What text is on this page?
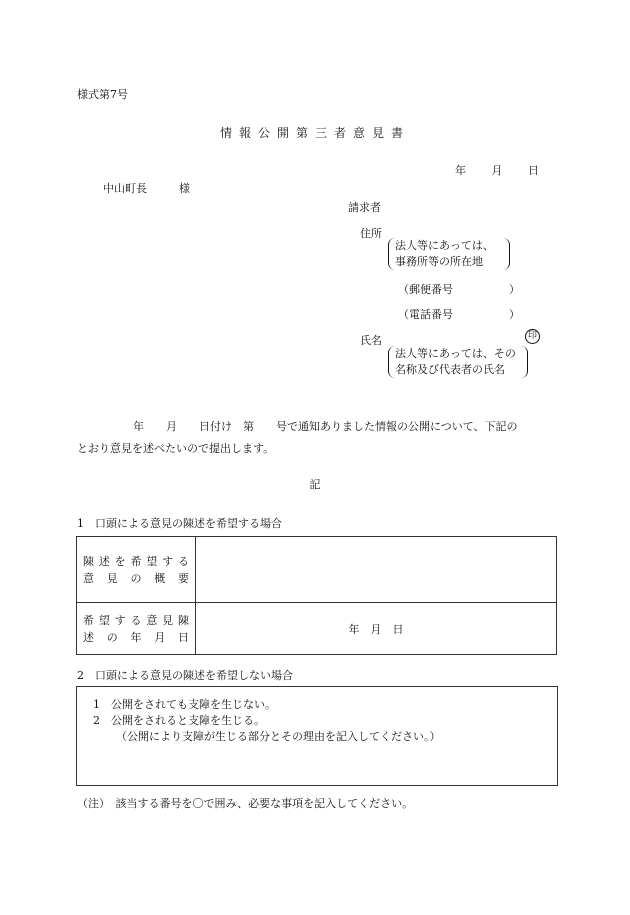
様式第7号
情報公開第三者意見書
年 月 日
中山町長	様
請求者
住所
法人等にあっては、
事務所等の所在地
（郵便番号	）
（電話番号	）
氏名	印
法人等にあっては、その
名称及び代表者の氏名
年　　月　　日付け　第　　号で通知ありました情報の公開について、下記の
とおり意見を述べたいので提出します。
記
1　口頭による意見の陳述を希望する場合
陳述を希望する
意見の概要	

希望する意見陳
述の年月日	年　月　日
2　口頭による意見の陳述を希望しない場合
1　公開をされても支障を生じない。
2　公開をされると支障を生じる。
（公開により支障が生じる部分とその理由を記入してください。）
（注）　該当する番号を〇で囲み、必要な事項を記入してください。
